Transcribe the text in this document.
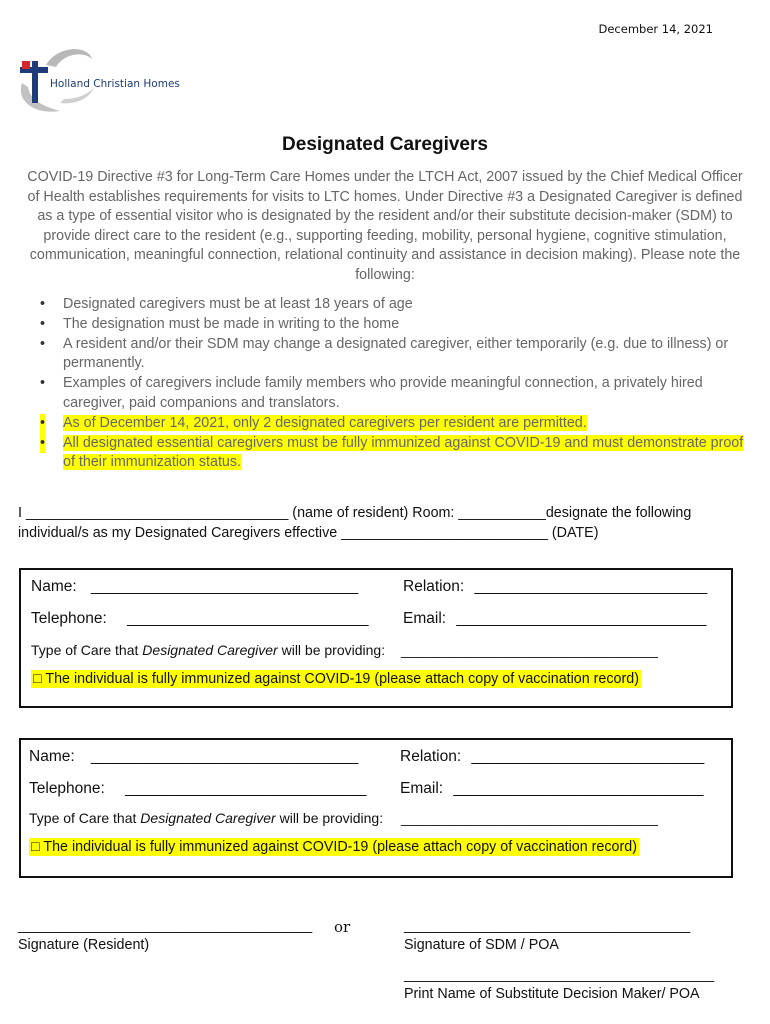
December 14, 2021
Holland Christian Homes
Designated Caregivers
COVID-19 Directive #3 for Long-Term Care Homes under the LTCH Act, 2007 issued by the Chief Medical Officer of Health establishes requirements for visits to LTC homes. Under Directive #3 a Designated Caregiver is defined as a type of essential visitor who is designated by the resident and/or their substitute decision-maker (SDM) to provide direct care to the resident (e.g., supporting feeding, mobility, personal hygiene, cognitive stimulation, communication, meaningful connection, relational continuity and assistance in decision making). Please note the following:
• Designated caregivers must be at least 18 years of age
• The designation must be made in writing to the home
• A resident and/or their SDM may change a designated caregiver, either temporarily (e.g. due to illness) or permanently.
• Examples of caregivers include family members who provide meaningful connection, a privately hired caregiver, paid companions and translators.
• As of December 14, 2021, only 2 designated caregivers per resident are permitted.
• All designated essential caregivers must be fully immunized against COVID-19 and must demonstrate proof of their immunization status.
I _________________________________ (name of resident) Room: ___________designate the following
individual/s as my Designated Caregivers effective __________________________ (DATE)
Name: _______________________________	Relation: ___________________________
Telephone: ____________________________ Email: _____________________________
Type of Care that Designated Caregiver will be providing: _________________________________
□ The individual is fully immunized against COVID-19 (please attach copy of vaccination record)
Name: _______________________________	Relation: ___________________________
Telephone: ____________________________ Email: _____________________________
Type of Care that Designated Caregiver will be providing: _________________________________
□ The individual is fully immunized against COVID-19 (please attach copy of vaccination record)
_____________________________________
Signature (Resident)
or	____________________________________
Signature of SDM / POA
_______________________________________
Print Name of Substitute Decision Maker/ POA
